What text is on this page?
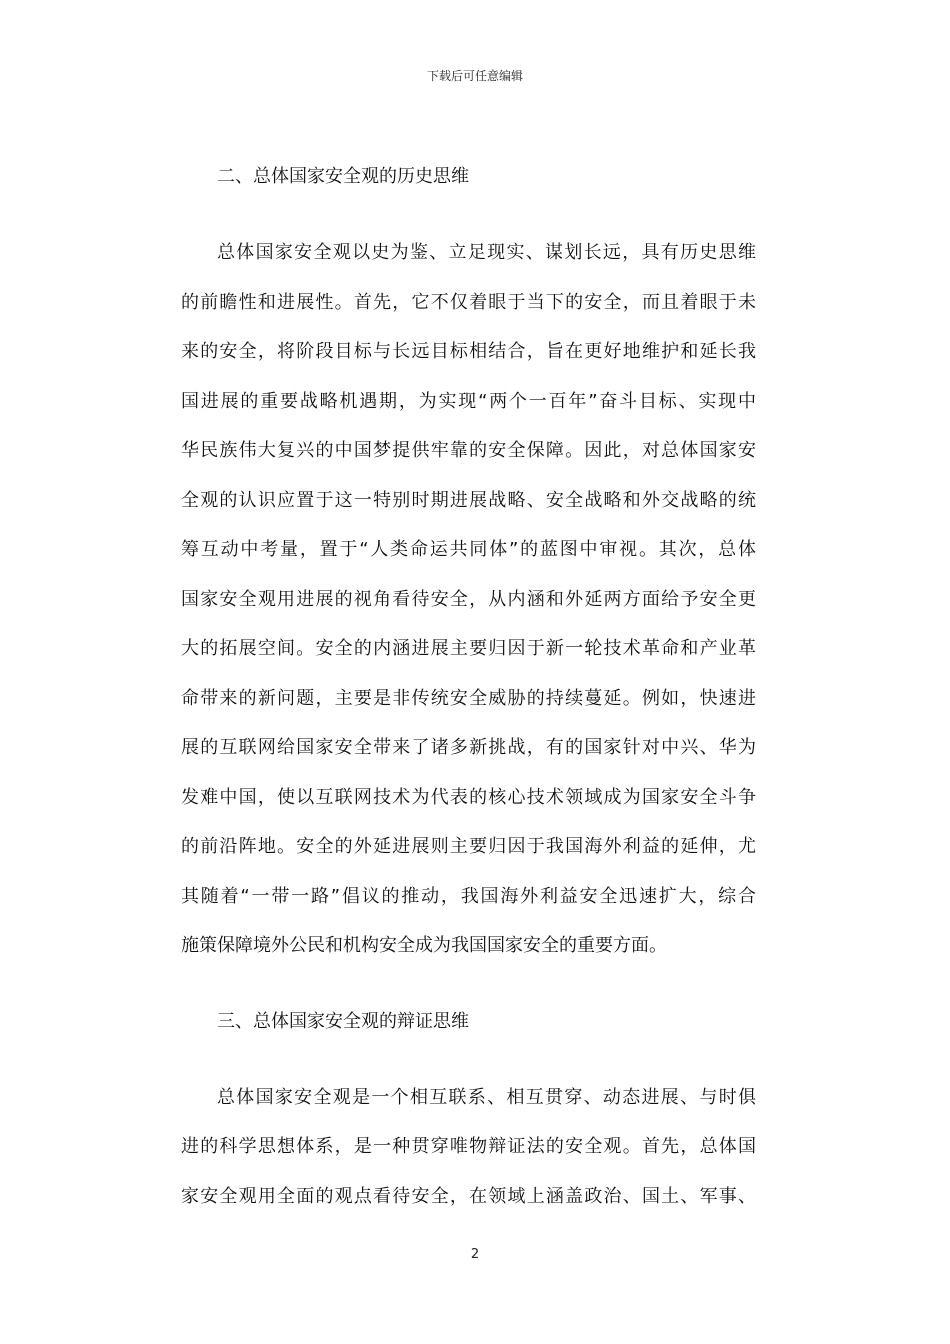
下载后可任意编辑
二、总体国家安全观的历史思维

总体国家安全观以史为鉴、立足现实、谋划长远，具有历史思维
的前瞻性和进展性。首先，它不仅着眼于当下的安全，而且着眼于未
来的安全，将阶段目标与长远目标相结合，旨在更好地维护和延长我
国进展的重要战略机遇期，为实现“两个一百年”奋斗目标、实现中
华民族伟大复兴的中国梦提供牢靠的安全保障。因此，对总体国家安
全观的认识应置于这一特别时期进展战略、安全战略和外交战略的统
筹互动中考量，置于“人类命运共同体”的蓝图中审视。其次，总体
国家安全观用进展的视角看待安全，从内涵和外延两方面给予安全更
大的拓展空间。安全的内涵进展主要归因于新一轮技术革命和产业革
命带来的新问题，主要是非传统安全威胁的持续蔓延。例如，快速进
展的互联网给国家安全带来了诸多新挑战，有的国家针对中兴、华为
发难中国，使以互联网技术为代表的核心技术领域成为国家安全斗争
的前沿阵地。安全的外延进展则主要归因于我国海外利益的延伸，尤
其随着“一带一路”倡议的推动，我国海外利益安全迅速扩大，综合
施策保障境外公民和机构安全成为我国国家安全的重要方面。

三、总体国家安全观的辩证思维

总体国家安全观是一个相互联系、相互贯穿、动态进展、与时俱
进的科学思想体系，是一种贯穿唯物辩证法的安全观。首先，总体国
家安全观用全面的观点看待安全，在领域上涵盖政治、国土、军事、

2
